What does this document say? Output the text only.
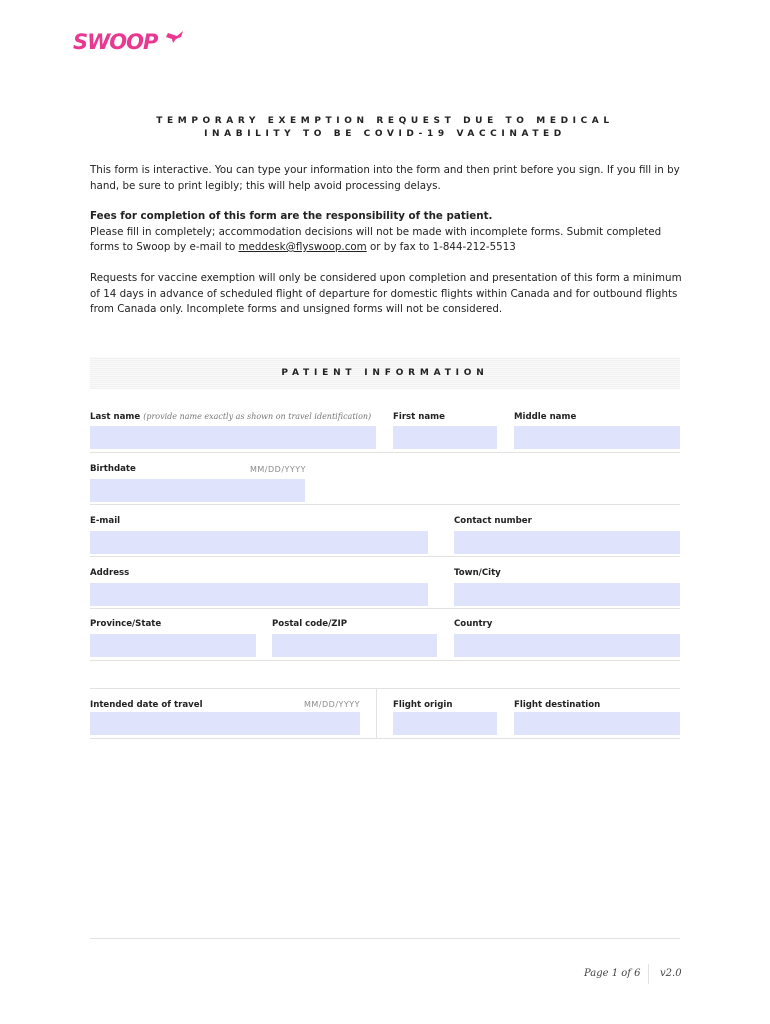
SWOOP
TEMPORARY EXEMPTION REQUEST DUE TO MEDICAL
INABILITY TO BE COVID-19 VACCINATED

This form is interactive. You can type your information into the form and then print before you sign. If you fill in by hand, be sure to print legibly; this will help avoid processing delays.

Fees for completion of this form are the responsibility of the patient.
Please fill in completely; accommodation decisions will not be made with incomplete forms. Submit completed forms to Swoop by e-mail to meddesk@flyswoop.com or by fax to 1-844-212-5513

Requests for vaccine exemption will only be considered upon completion and presentation of this form a minimum of 14 days in advance of scheduled flight of departure for domestic flights within Canada and for outbound flights from Canada only. Incomplete forms and unsigned forms will not be considered.

PATIENT INFORMATION
Last name (provide name exactly as shown on travel identification)	First name	Middle name
Birthdate	MM/DD/YYYY
E-mail	Contact number
Address	Town/City
Province/State	Postal code/ZIP	Country
Intended date of travel	MM/DD/YYYY	Flight origin	Flight destination
Page 1 of 6 v2.0
